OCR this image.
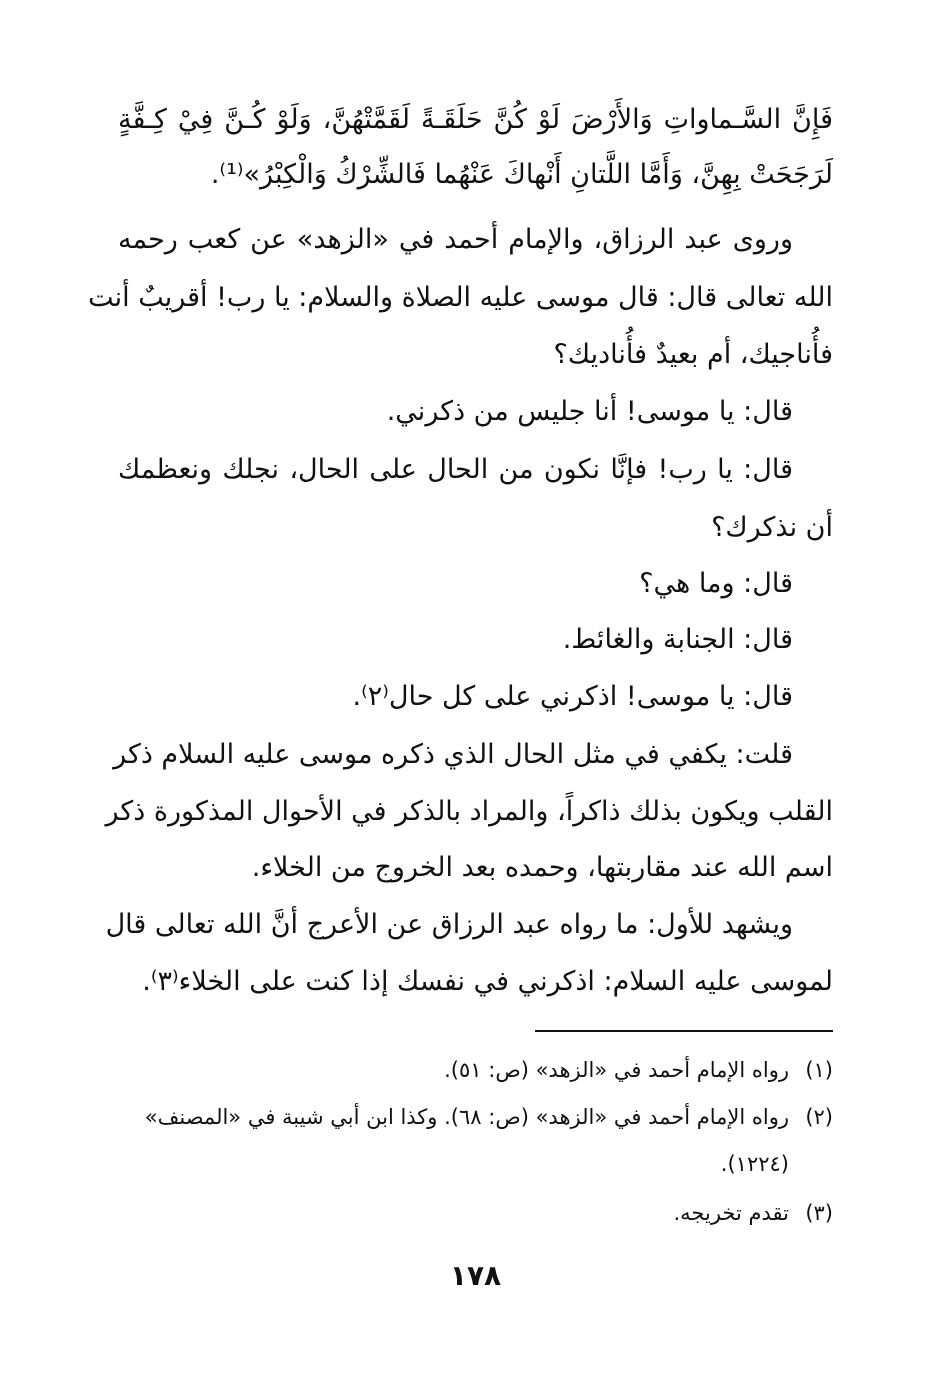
فَإِنَّ السَّـماواتِ وَالأَرْضَ لَوْ كُنَّ حَلَقَـةً لَقَمَّتْهُنَّ، وَلَوْ كُـنَّ فِيْ كِـفَّةٍ
لَرَجَحَتْ بِهِنَّ، وَأَمَّا اللَّتانِ أَنْهاكَ عَنْهُما فَالشِّرْكُ وَالْكِبْرُ»⁽¹⁾.
وروى عبد الرزاق، والإمام أحمد في «الزهد» عن كعب رحمه
الله تعالى قال: قال موسى عليه الصلاة والسلام: يا رب! أقريبٌ أنت
فأُناجيك، أم بعيدٌ فأُناديك؟
قال: يا موسى! أنا جليس من ذكرني.
قال: يا رب! فإنَّا نكون من الحال على الحال، نجلك ونعظمك
أن نذكرك؟
قال: وما هي؟
قال: الجنابة والغائط.
قال: يا موسى! اذكرني على كل حال⁽٢⁾.
قلت: يكفي في مثل الحال الذي ذكره موسى عليه السلام ذكر
القلب ويكون بذلك ذاكراً، والمراد بالذكر في الأحوال المذكورة ذكر
اسم الله عند مقاربتها، وحمده بعد الخروج من الخلاء.
ويشهد للأول: ما رواه عبد الرزاق عن الأعرج أنَّ الله تعالى قال
لموسى عليه السلام: اذكرني في نفسك إذا كنت على الخلاء⁽٣⁾.
(١)رواه الإمام أحمد في «الزهد» (ص: ٥١).
(٢)رواه الإمام أحمد في «الزهد» (ص: ٦٨). وكذا ابن أبي شيبة في «المصنف»
(١٢٢٤).
(٣)تقدم تخريجه.
١٧٨
